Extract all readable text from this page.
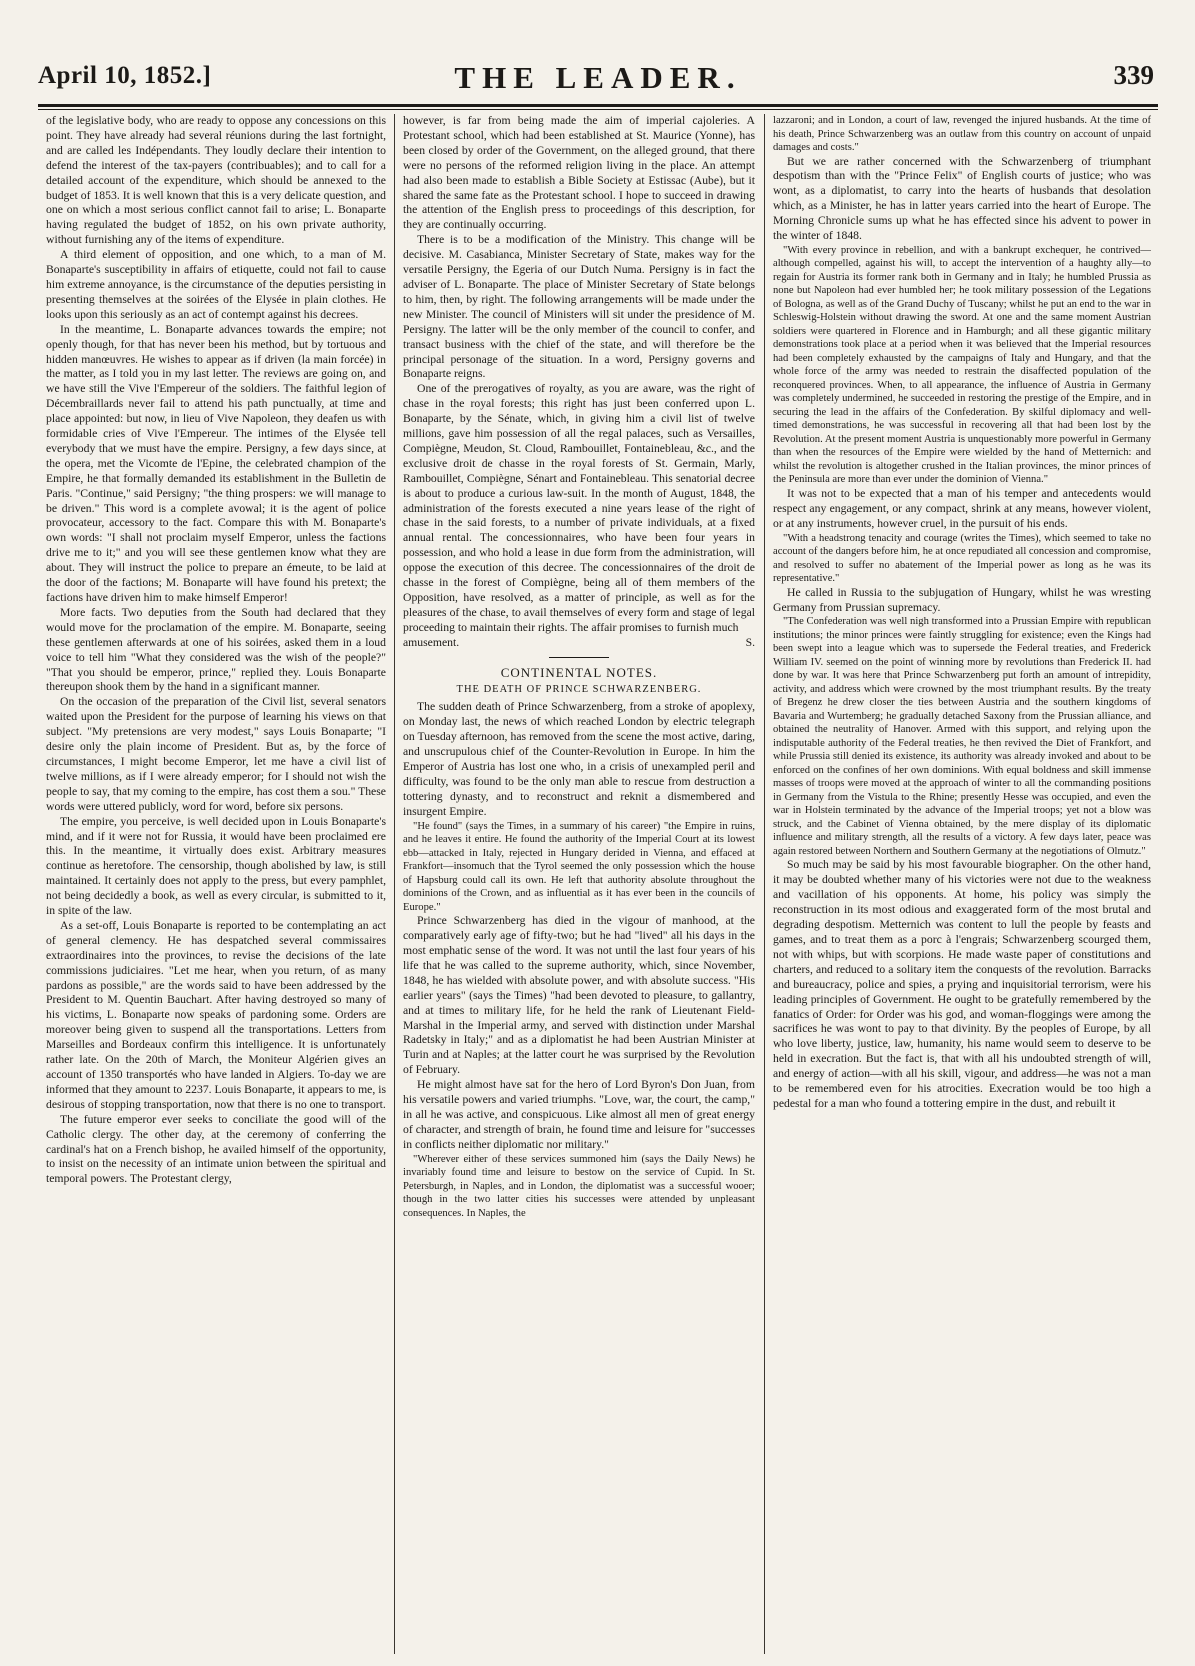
April 10, 1852.]	THE LEADER.	339

of the legislative body, who are ready to oppose any concessions on this point. They have already had several réunions during the last fortnight, and are called les Indépendants. They loudly declare their intention to defend the interest of the tax-payers (contribuables); and to call for a detailed account of the expenditure, which should be annexed to the budget of 1853. It is well known that this is a very delicate question, and one on which a most serious conflict cannot fail to arise; L. Bonaparte having regulated the budget of 1852, on his own private authority, without furnishing any of the items of expenditure.

A third element of opposition, and one which, to a man of M. Bonaparte's susceptibility in affairs of etiquette, could not fail to cause him extreme annoyance, is the circumstance of the deputies persisting in presenting themselves at the soirées of the Elysée in plain clothes. He looks upon this seriously as an act of contempt against his decrees.

In the meantime, L. Bonaparte advances towards the empire; not openly though, for that has never been his method, but by tortuous and hidden manœuvres. He wishes to appear as if driven (la main forcée) in the matter, as I told you in my last letter. The reviews are going on, and we have still the Vive l'Empereur of the soldiers. The faithful legion of Décembraillards never fail to attend his path punctually, at time and place appointed: but now, in lieu of Vive Napoleon, they deafen us with formidable cries of Vive l'Empereur. The intimes of the Elysée tell everybody that we must have the empire. Persigny, a few days since, at the opera, met the Vicomte de l'Epine, the celebrated champion of the Empire, he that formally demanded its establishment in the Bulletin de Paris. "Continue," said Persigny; "the thing prospers: we will manage to be driven." This word is a complete avowal; it is the agent of police provocateur, accessory to the fact. Compare this with M. Bonaparte's own words: "I shall not proclaim myself Emperor, unless the factions drive me to it;" and you will see these gentlemen know what they are about. They will instruct the police to prepare an émeute, to be laid at the door of the factions; M. Bonaparte will have found his pretext; the factions have driven him to make himself Emperor!

More facts. Two deputies from the South had declared that they would move for the proclamation of the empire. M. Bonaparte, seeing these gentlemen afterwards at one of his soirées, asked them in a loud voice to tell him "What they considered was the wish of the people?" "That you should be emperor, prince," replied they. Louis Bonaparte thereupon shook them by the hand in a significant manner.

On the occasion of the preparation of the Civil list, several senators waited upon the President for the purpose of learning his views on that subject. "My pretensions are very modest," says Louis Bonaparte; "I desire only the plain income of President. But as, by the force of circumstances, I might become Emperor, let me have a civil list of twelve millions, as if I were already emperor; for I should not wish the people to say, that my coming to the empire, has cost them a sou." These words were uttered publicly, word for word, before six persons.

The empire, you perceive, is well decided upon in Louis Bonaparte's mind, and if it were not for Russia, it would have been proclaimed ere this. In the meantime, it virtually does exist. Arbitrary measures continue as heretofore. The censorship, though abolished by law, is still maintained. It certainly does not apply to the press, but every pamphlet, not being decidedly a book, as well as every circular, is submitted to it, in spite of the law.

As a set-off, Louis Bonaparte is reported to be contemplating an act of general clemency. He has despatched several commissaires extraordinaires into the provinces, to revise the decisions of the late commissions judiciaires. "Let me hear, when you return, of as many pardons as possible," are the words said to have been addressed by the President to M. Quentin Bauchart. After having destroyed so many of his victims, L. Bonaparte now speaks of pardoning some. Orders are moreover being given to suspend all the transportations. Letters from Marseilles and Bordeaux confirm this intelligence. It is unfortunately rather late. On the 20th of March, the Moniteur Algérien gives an account of 1350 transportés who have landed in Algiers. To-day we are informed that they amount to 2237. Louis Bonaparte, it appears to me, is desirous of stopping transportation, now that there is no one to transport.

The future emperor ever seeks to conciliate the good will of the Catholic clergy. The other day, at the ceremony of conferring the cardinal's hat on a French bishop, he availed himself of the opportunity, to insist on the necessity of an intimate union between the spiritual and temporal powers. The Protestant clergy,

however, is far from being made the aim of imperial cajoleries. A Protestant school, which had been established at St. Maurice (Yonne), has been closed by order of the Government, on the alleged ground, that there were no persons of the reformed religion living in the place. An attempt had also been made to establish a Bible Society at Estissac (Aube), but it shared the same fate as the Protestant school. I hope to succeed in drawing the attention of the English press to proceedings of this description, for they are continually occurring.

There is to be a modification of the Ministry. This change will be decisive. M. Casabianca, Minister Secretary of State, makes way for the versatile Persigny, the Egeria of our Dutch Numa. Persigny is in fact the adviser of L. Bonaparte. The place of Minister Secretary of State belongs to him, then, by right. The following arrangements will be made under the new Minister. The council of Ministers will sit under the presidence of M. Persigny. The latter will be the only member of the council to confer, and transact business with the chief of the state, and will therefore be the principal personage of the situation. In a word, Persigny governs and Bonaparte reigns.

One of the prerogatives of royalty, as you are aware, was the right of chase in the royal forests; this right has just been conferred upon L. Bonaparte, by the Sénate, which, in giving him a civil list of twelve millions, gave him possession of all the regal palaces, such as Versailles, Compiègne, Meudon, St. Cloud, Rambouillet, Fontainebleau, &c., and the exclusive droit de chasse in the royal forests of St. Germain, Marly, Rambouillet, Compiègne, Sénart and Fontainebleau. This senatorial decree is about to produce a curious law-suit. In the month of August, 1848, the administration of the forests executed a nine years lease of the right of chase in the said forests, to a number of private individuals, at a fixed annual rental. The concessionnaires, who have been four years in possession, and who hold a lease in due form from the administration, will oppose the execution of this decree. The concessionnaires of the droit de chasse in the forest of Compiègne, being all of them members of the Opposition, have resolved, as a matter of principle, as well as for the pleasures of the chase, to avail themselves of every form and stage of legal proceeding to maintain their rights. The affair promises to furnish much

amusement.	S.
CONTINENTAL NOTES.
THE DEATH OF PRINCE SCHWARZENBERG.

The sudden death of Prince Schwarzenberg, from a stroke of apoplexy, on Monday last, the news of which reached London by electric telegraph on Tuesday afternoon, has removed from the scene the most active, daring, and unscrupulous chief of the Counter-Revolution in Europe. In him the Emperor of Austria has lost one who, in a crisis of unexampled peril and difficulty, was found to be the only man able to rescue from destruction a tottering dynasty, and to reconstruct and reknit a dismembered and insurgent Empire.

"He found" (says the Times, in a summary of his career) "the Empire in ruins, and he leaves it entire. He found the authority of the Imperial Court at its lowest ebb—attacked in Italy, rejected in Hungary derided in Vienna, and effaced at Frankfort—insomuch that the Tyrol seemed the only possession which the house of Hapsburg could call its own. He left that authority absolute throughout the dominions of the Crown, and as influential as it has ever been in the councils of Europe."

Prince Schwarzenberg has died in the vigour of manhood, at the comparatively early age of fifty-two; but he had "lived" all his days in the most emphatic sense of the word. It was not until the last four years of his life that he was called to the supreme authority, which, since November, 1848, he has wielded with absolute power, and with absolute success. "His earlier years" (says the Times) "had been devoted to pleasure, to gallantry, and at times to military life, for he held the rank of Lieutenant Field-Marshal in the Imperial army, and served with distinction under Marshal Radetsky in Italy;" and as a diplomatist he had been Austrian Minister at Turin and at Naples; at the latter court he was surprised by the Revolution of February.

He might almost have sat for the hero of Lord Byron's Don Juan, from his versatile powers and varied triumphs. "Love, war, the court, the camp," in all he was active, and conspicuous. Like almost all men of great energy of character, and strength of brain, he found time and leisure for "successes in conflicts neither diplomatic nor military."

"Wherever either of these services summoned him (says the Daily News) he invariably found time and leisure to bestow on the service of Cupid. In St. Petersburgh, in Naples, and in London, the diplomatist was a successful wooer; though in the two latter cities his successes were attended by unpleasant consequences. In Naples, the

lazzaroni; and in London, a court of law, revenged the injured husbands. At the time of his death, Prince Schwarzenberg was an outlaw from this country on account of unpaid damages and costs."

But we are rather concerned with the Schwarzenberg of triumphant despotism than with the "Prince Felix" of English courts of justice; who was wont, as a diplomatist, to carry into the hearts of husbands that desolation which, as a Minister, he has in latter years carried into the heart of Europe. The Morning Chronicle sums up what he has effected since his advent to power in the winter of 1848.

"With every province in rebellion, and with a bankrupt exchequer, he contrived—although compelled, against his will, to accept the intervention of a haughty ally—to regain for Austria its former rank both in Germany and in Italy; he humbled Prussia as none but Napoleon had ever humbled her; he took military possession of the Legations of Bologna, as well as of the Grand Duchy of Tuscany; whilst he put an end to the war in Schleswig-Holstein without drawing the sword. At one and the same moment Austrian soldiers were quartered in Florence and in Hamburgh; and all these gigantic military demonstrations took place at a period when it was believed that the Imperial resources had been completely exhausted by the campaigns of Italy and Hungary, and that the whole force of the army was needed to restrain the disaffected population of the reconquered provinces. When, to all appearance, the influence of Austria in Germany was completely undermined, he succeeded in restoring the prestige of the Empire, and in securing the lead in the affairs of the Confederation. By skilful diplomacy and well-timed demonstrations, he was successful in recovering all that had been lost by the Revolution. At the present moment Austria is unquestionably more powerful in Germany than when the resources of the Empire were wielded by the hand of Metternich: and whilst the revolution is altogether crushed in the Italian provinces, the minor princes of the Peninsula are more than ever under the dominion of Vienna."

It was not to be expected that a man of his temper and antecedents would respect any engagement, or any compact, shrink at any means, however violent, or at any instruments, however cruel, in the pursuit of his ends.

"With a headstrong tenacity and courage (writes the Times), which seemed to take no account of the dangers before him, he at once repudiated all concession and compromise, and resolved to suffer no abatement of the Imperial power as long as he was its representative."

He called in Russia to the subjugation of Hungary, whilst he was wresting Germany from Prussian supremacy.

"The Confederation was well nigh transformed into a Prussian Empire with republican institutions; the minor princes were faintly struggling for existence; even the Kings had been swept into a league which was to supersede the Federal treaties, and Frederick William IV. seemed on the point of winning more by revolutions than Frederick II. had done by war. It was here that Prince Schwarzenberg put forth an amount of intrepidity, activity, and address which were crowned by the most triumphant results. By the treaty of Bregenz he drew closer the ties between Austria and the southern kingdoms of Bavaria and Wurtemberg; he gradually detached Saxony from the Prussian alliance, and obtained the neutrality of Hanover. Armed with this support, and relying upon the indisputable authority of the Federal treaties, he then revived the Diet of Frankfort, and while Prussia still denied its existence, its authority was already invoked and about to be enforced on the confines of her own dominions. With equal boldness and skill immense masses of troops were moved at the approach of winter to all the commanding positions in Germany from the Vistula to the Rhine; presently Hesse was occupied, and even the war in Holstein terminated by the advance of the Imperial troops; yet not a blow was struck, and the Cabinet of Vienna obtained, by the mere display of its diplomatic influence and military strength, all the results of a victory. A few days later, peace was again restored between Northern and Southern Germany at the negotiations of Olmutz."

So much may be said by his most favourable biographer. On the other hand, it may be doubted whether many of his victories were not due to the weakness and vacillation of his opponents. At home, his policy was simply the reconstruction in its most odious and exaggerated form of the most brutal and degrading despotism. Metternich was content to lull the people by feasts and games, and to treat them as a porc à l'engrais; Schwarzenberg scourged them, not with whips, but with scorpions. He made waste paper of constitutions and charters, and reduced to a solitary item the conquests of the revolution. Barracks and bureaucracy, police and spies, a prying and inquisitorial terrorism, were his leading principles of Government. He ought to be gratefully remembered by the fanatics of Order: for Order was his god, and woman-floggings were among the sacrifices he was wont to pay to that divinity. By the peoples of Europe, by all who love liberty, justice, law, humanity, his name would seem to deserve to be held in execration. But the fact is, that with all his undoubted strength of will, and energy of action—with all his skill, vigour, and address—he was not a man to be remembered even for his atrocities. Execration would be too high a pedestal for a man who found a tottering empire in the dust, and rebuilt it
